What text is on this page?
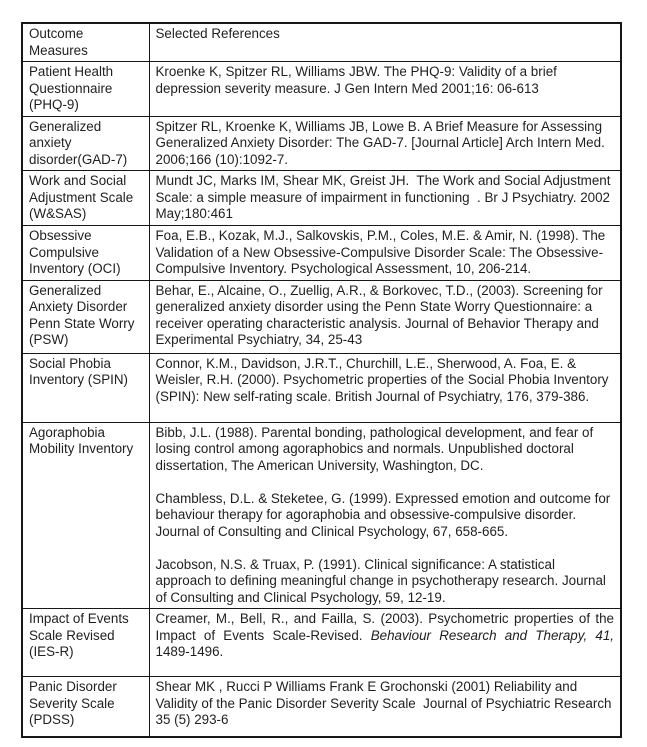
Outcome Measures	Selected References
Patient Health Questionnaire (PHQ-9)	Kroenke K, Spitzer RL, Williams JBW. The PHQ-9: Validity of a brief depression severity measure. J Gen Intern Med 2001;16: 06-613

Generalized anxiety disorder(GAD-7)	Spitzer RL, Kroenke K, Williams JB, Lowe B. A Brief Measure for Assessing Generalized Anxiety Disorder: The GAD-7. [Journal Article] Arch Intern Med. 2006;166 (10):1092-7.

Work and Social Adjustment Scale (W&SAS)	Mundt JC, Marks IM, Shear MK, Greist JH.  The Work and Social Adjustment Scale: a simple measure of impairment in functioning  . Br J Psychiatry. 2002 May;180:461

Obsessive Compulsive Inventory (OCI)	Foa, E.B., Kozak, M.J., Salkovskis, P.M., Coles, M.E. & Amir, N. (1998). The Validation of a New Obsessive-Compulsive Disorder Scale: The Obsessive-Compulsive Inventory. Psychological Assessment, 10, 206-214.

Generalized Anxiety Disorder Penn State Worry (PSW)	Behar, E., Alcaine, O., Zuellig, A.R., & Borkovec, T.D., (2003). Screening for generalized anxiety disorder using the Penn State Worry Questionnaire: a receiver operating characteristic analysis. Journal of Behavior Therapy and Experimental Psychiatry, 34, 25-43

Social Phobia Inventory (SPIN)	Connor, K.M., Davidson, J.R.T., Churchill, L.E., Sherwood, A. Foa, E. & Weisler, R.H. (2000). Psychometric properties of the Social Phobia Inventory (SPIN): New self-rating scale. British Journal of Psychiatry, 176, 379-386.

Agoraphobia Mobility Inventory	Bibb, J.L. (1988). Parental bonding, pathological development, and fear of losing control among agoraphobics and normals. Unpublished doctoral dissertation, The American University, Washington, DC.

Chambless, D.L. & Steketee, G. (1999). Expressed emotion and outcome for behaviour therapy for agoraphobia and obsessive-compulsive disorder. Journal of Consulting and Clinical Psychology, 67, 658-665.

Jacobson, N.S. & Truax, P. (1991). Clinical significance: A statistical approach to defining meaningful change in psychotherapy research. Journal of Consulting and Clinical Psychology, 59, 12-19.

Impact of Events Scale Revised (IES-R)	Creamer, M., Bell, R., and Failla, S. (2003). Psychometric properties of the Impact of Events Scale-Revised. Behaviour Research and Therapy, 41, 1489-1496.

Panic Disorder Severity Scale (PDSS)	Shear MK , Rucci P Williams Frank E Grochonski (2001) Reliability and Validity of the Panic Disorder Severity Scale  Journal of Psychiatric Research 35 (5) 293-6
